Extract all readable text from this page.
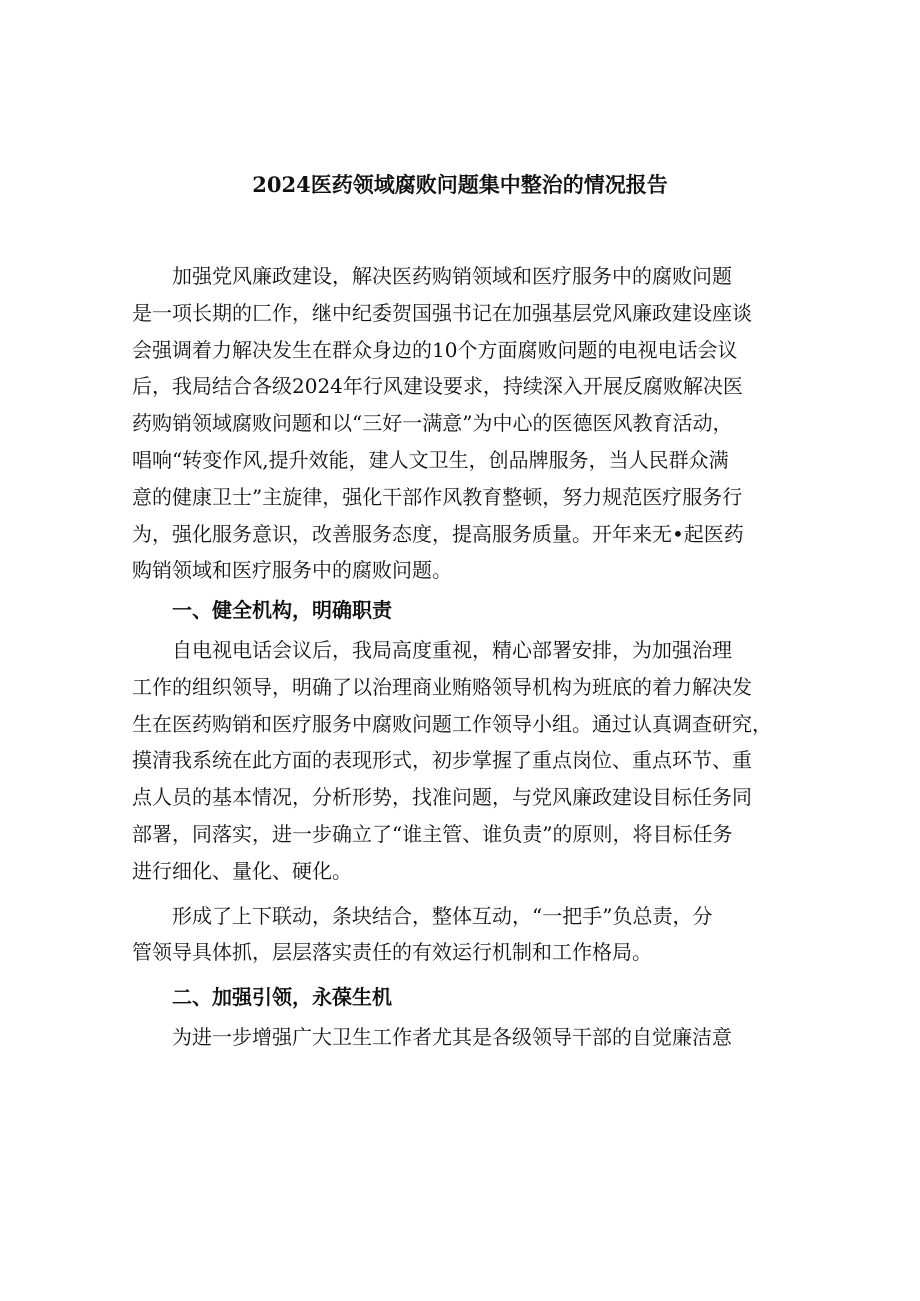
2024医药领域腐败问题集中整治的情况报告
加强党风廉政建设，解决医药购销领域和医疗服务中的腐败问题
是一项长期的匚作，继中纪委贺国强书记在加强基层党风廉政建设座谈
会强调着力解决发生在群众身边的10个方面腐败问题的电视电话会议
后，我局结合各级2024年行风建设要求，持续深入开展反腐败解决医
药购销领域腐败问题和以“三好一满意”为中心的医德医风教育活动，
唱响“转变作风,提升效能，建人文卫生，创品牌服务，当人民群众满
意的健康卫士”主旋律，强化干部作风教育整顿，努力规范医疗服务行
为，强化服务意识，改善服务态度，提高服务质量。开年来无•起医药
购销领域和医疗服务中的腐败问题。

一、健全机构，明确职责

自电视电话会议后，我局高度重视，精心部署安排，为加强治理
工作的组织领导，明确了以治理商业贿赂领导机构为班底的着力解决发
生在医药购销和医疗服务中腐败问题工作领导小组。通过认真调查研究，
摸清我系统在此方面的表现形式，初步掌握了重点岗位、重点环节、重
点人员的基本情况，分析形势，找准问题，与党风廉政建设目标任务同
部署，同落实，进一步确立了“谁主管、谁负责”的原则，将目标任务
进行细化、量化、硬化。
形成了上下联动，条块结合，整体互动，“一把手”负总责，分
管领导具体抓，层层落实责任的有效运行机制和工作格局。

二、加强引领，永葆生机

为进一步增强广大卫生工作者尤其是各级领导干部的自觉廉洁意
